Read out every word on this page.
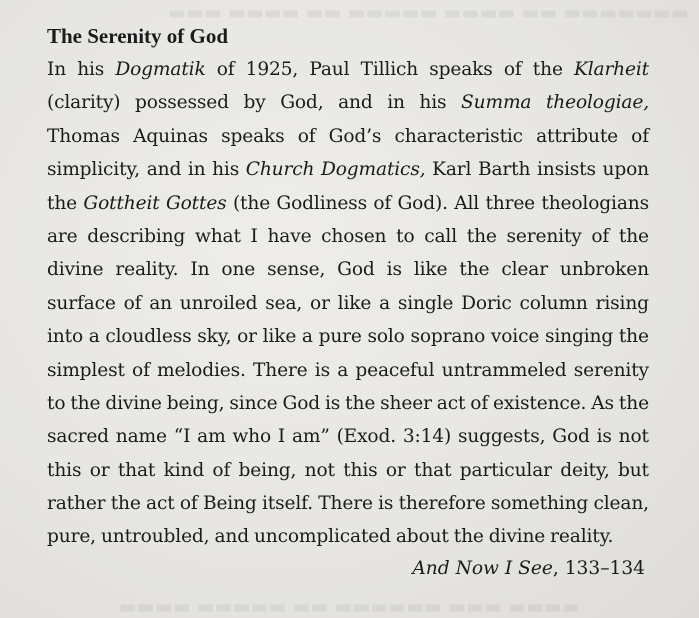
▬▬▬ ▬▬▬▬ ▬▬ ▬▬▬▬▬ ▬▬▬▬ ▬▬ ▬▬▬▬▬▬▬
▬▬▬▬ ▬▬▬▬▬ ▬▬ ▬▬▬▬▬▬ ▬▬▬ ▬▬▬▬
The Serenity of God
In his Dogmatik of 1925, Paul Tillich speaks of the Klarheit
(clarity) possessed by God, and in his Summa theologiae,
Thomas Aquinas speaks of God’s characteristic attribute of
simplicity, and in his Church Dogmatics, Karl Barth insists upon
the Gottheit Gottes (the Godliness of God). All three theologians
are describing what I have chosen to call the serenity of the
divine reality. In one sense, God is like the clear unbroken
surface of an unroiled sea, or like a single Doric column rising
into a cloudless sky, or like a pure solo soprano voice singing the
simplest of melodies. There is a peaceful untrammeled serenity
to the divine being, since God is the sheer act of existence. As the
sacred name “I am who I am” (Exod. 3:14) suggests, God is not
this or that kind of being, not this or that particular deity, but
rather the act of Being itself. There is therefore something clean,
pure, untroubled, and uncomplicated about the divine reality.
And Now I See, 133–134
